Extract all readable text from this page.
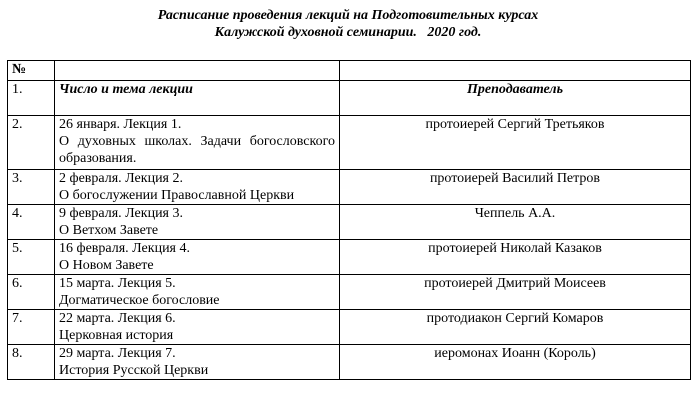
Расписание проведения лекций на Подготовительных курсах
Калужской духовной семинарии.   2020 год.
№		
1.	Число и тема лекции	Преподаватель
2.	26 января. Лекция 1.
О духовных школах. Задачи богословского образования.	протоиерей Сергий Третьяков
3.	2 февраля. Лекция 2.
О богослужении Православной Церкви	протоиерей Василий Петров
4.	9 февраля. Лекция 3.
О Ветхом Завете	Чеппель А.А.
5.	16 февраля. Лекция 4.
О Новом Завете	протоиерей Николай Казаков
6.	15 марта. Лекция 5.
Догматическое богословие	протоиерей Дмитрий Моисеев
7.	22 марта. Лекция 6.
Церковная история	протодиакон Сергий Комаров
8.	29 марта. Лекция 7.
История Русской Церкви	иеромонах Иоанн (Король)
